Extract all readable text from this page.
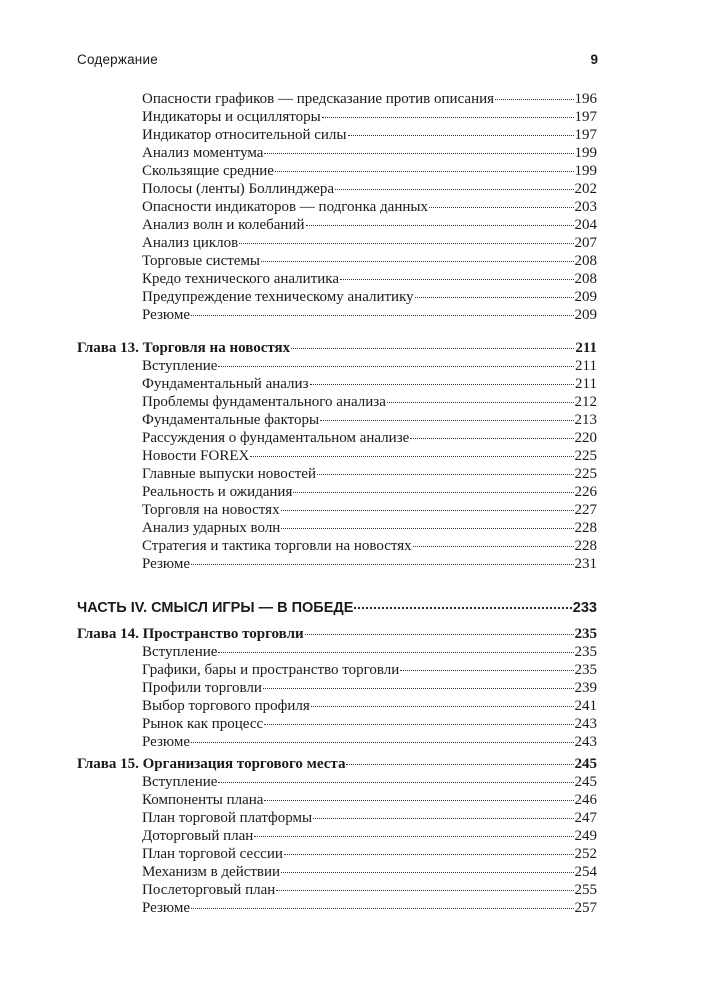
Содержание	9
Опасности графиков — предсказание против описания	196
Индикаторы и осцилляторы	197
Индикатор относительной силы	197
Анализ моментума	199
Скользящие средние	199
Полосы (ленты) Боллинджера	202
Опасности индикаторов — подгонка данных	203
Анализ волн и колебаний	204
Анализ циклов	207
Торговые системы	208
Кредо технического аналитика	208
Предупреждение техническому аналитику	209
Резюме	209
Глава 13. Торговля на новостях	211
Вступление	211
Фундаментальный анализ	211
Проблемы фундаментального анализа	212
Фундаментальные факторы	213
Рассуждения о фундаментальном анализе	220
Новости FOREX	225
Главные выпуски новостей	225
Реальность и ожидания	226
Торговля на новостях	227
Анализ ударных волн	228
Стратегия и тактика торговли на новостях	228
Резюме	231
ЧАСТЬ IV. СМЫСЛ ИГРЫ — В ПОБЕДЕ	233
Глава 14. Пространство торговли	235
Вступление	235
Графики, бары и пространство торговли	235
Профили торговли	239
Выбор торгового профиля	241
Рынок как процесс	243
Резюме	243
Глава 15. Организация торгового места	245
Вступление	245
Компоненты плана	246
План торговой платформы	247
Доторговый план	249
План торговой сессии	252
Механизм в действии	254
Послеторговый план	255
Резюме	257
